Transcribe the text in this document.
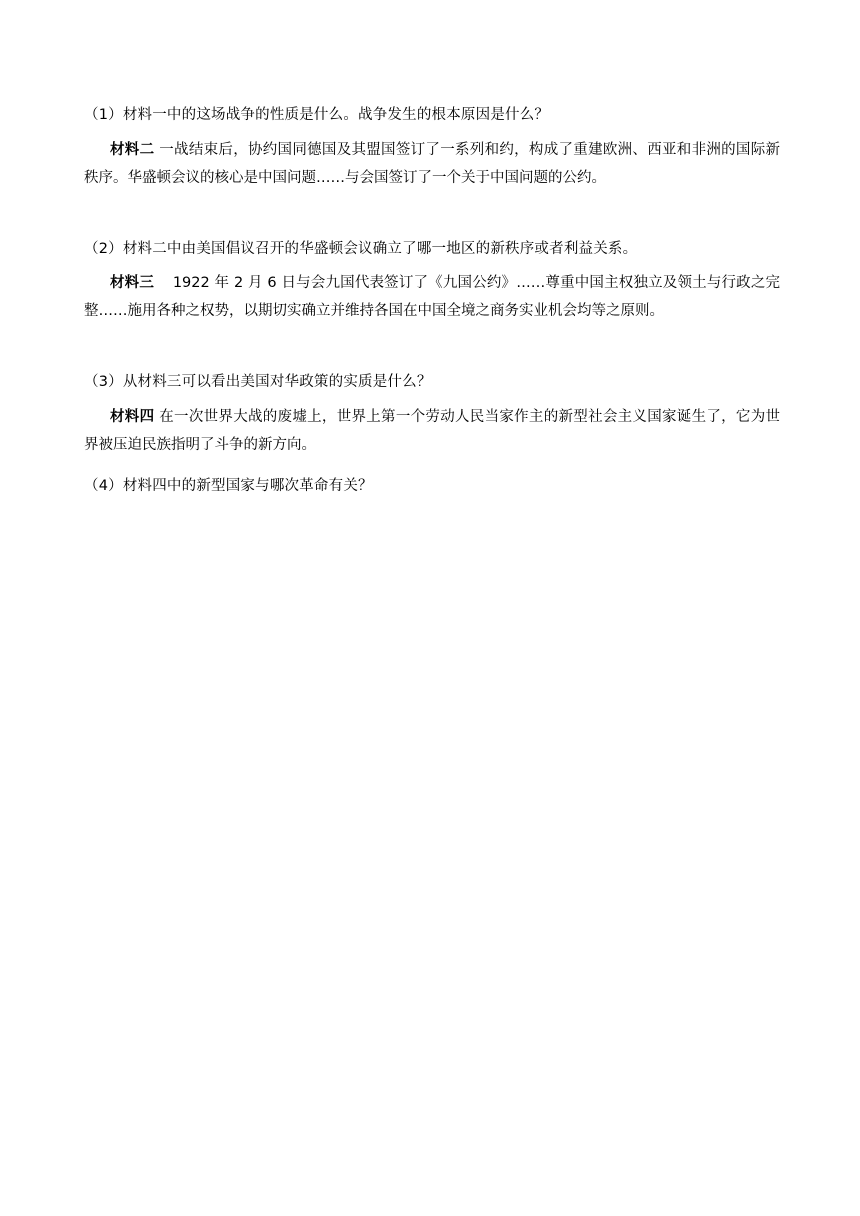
（1）材料一中的这场战争的性质是什么。战争发生的根本原因是什么？
材料二 一战结束后，协约国同德国及其盟国签订了一系列和约，构成了重建欧洲、西亚和非洲的国际新秩序。华盛顿会议的核心是中国问题……与会国签订了一个关于中国问题的公约。
（2）材料二中由美国倡议召开的华盛顿会议确立了哪一地区的新秩序或者利益关系。
材料三 1922 年 2 月 6 日与会九国代表签订了《九国公约》……尊重中国主权独立及领土与行政之完整……施用各种之权势，以期切实确立并维持各国在中国全境之商务实业机会均等之原则。
（3）从材料三可以看出美国对华政策的实质是什么？
材料四 在一次世界大战的废墟上，世界上第一个劳动人民当家作主的新型社会主义国家诞生了，它为世界被压迫民族指明了斗争的新方向。
（4）材料四中的新型国家与哪次革命有关？
